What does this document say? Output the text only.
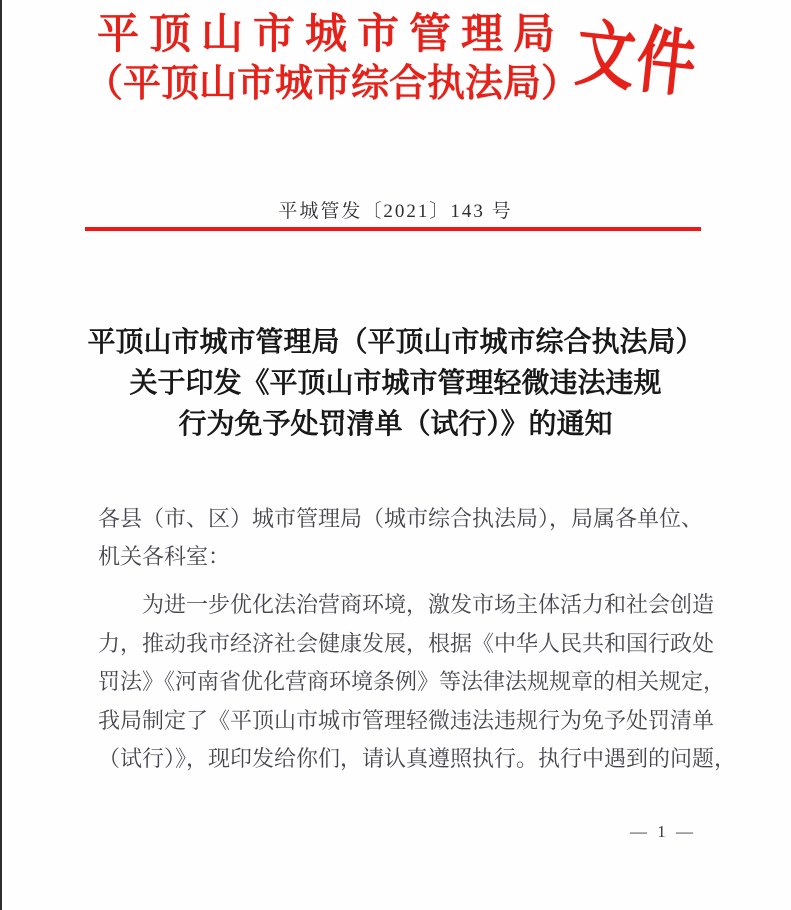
平顶山市城市管理局
（平顶山市城市综合执法局）
文件
平城管发〔2021〕143 号
平顶山市城市管理局（平顶山市城市综合执法局）
关于印发《平顶山市城市管理轻微违法违规
行为免予处罚清单（试行）》的通知
各县（市、区）城市管理局（城市综合执法局），局属各单位、
机关各科室：
为进一步优化法治营商环境，激发市场主体活力和社会创造
力，推动我市经济社会健康发展，根据《中华人民共和国行政处
罚法》《河南省优化营商环境条例》等法律法规规章的相关规定，
我局制定了《平顶山市城市管理轻微违法违规行为免予处罚清单
（试行）》，现印发给你们，请认真遵照执行。执行中遇到的问题，
— 1 —
